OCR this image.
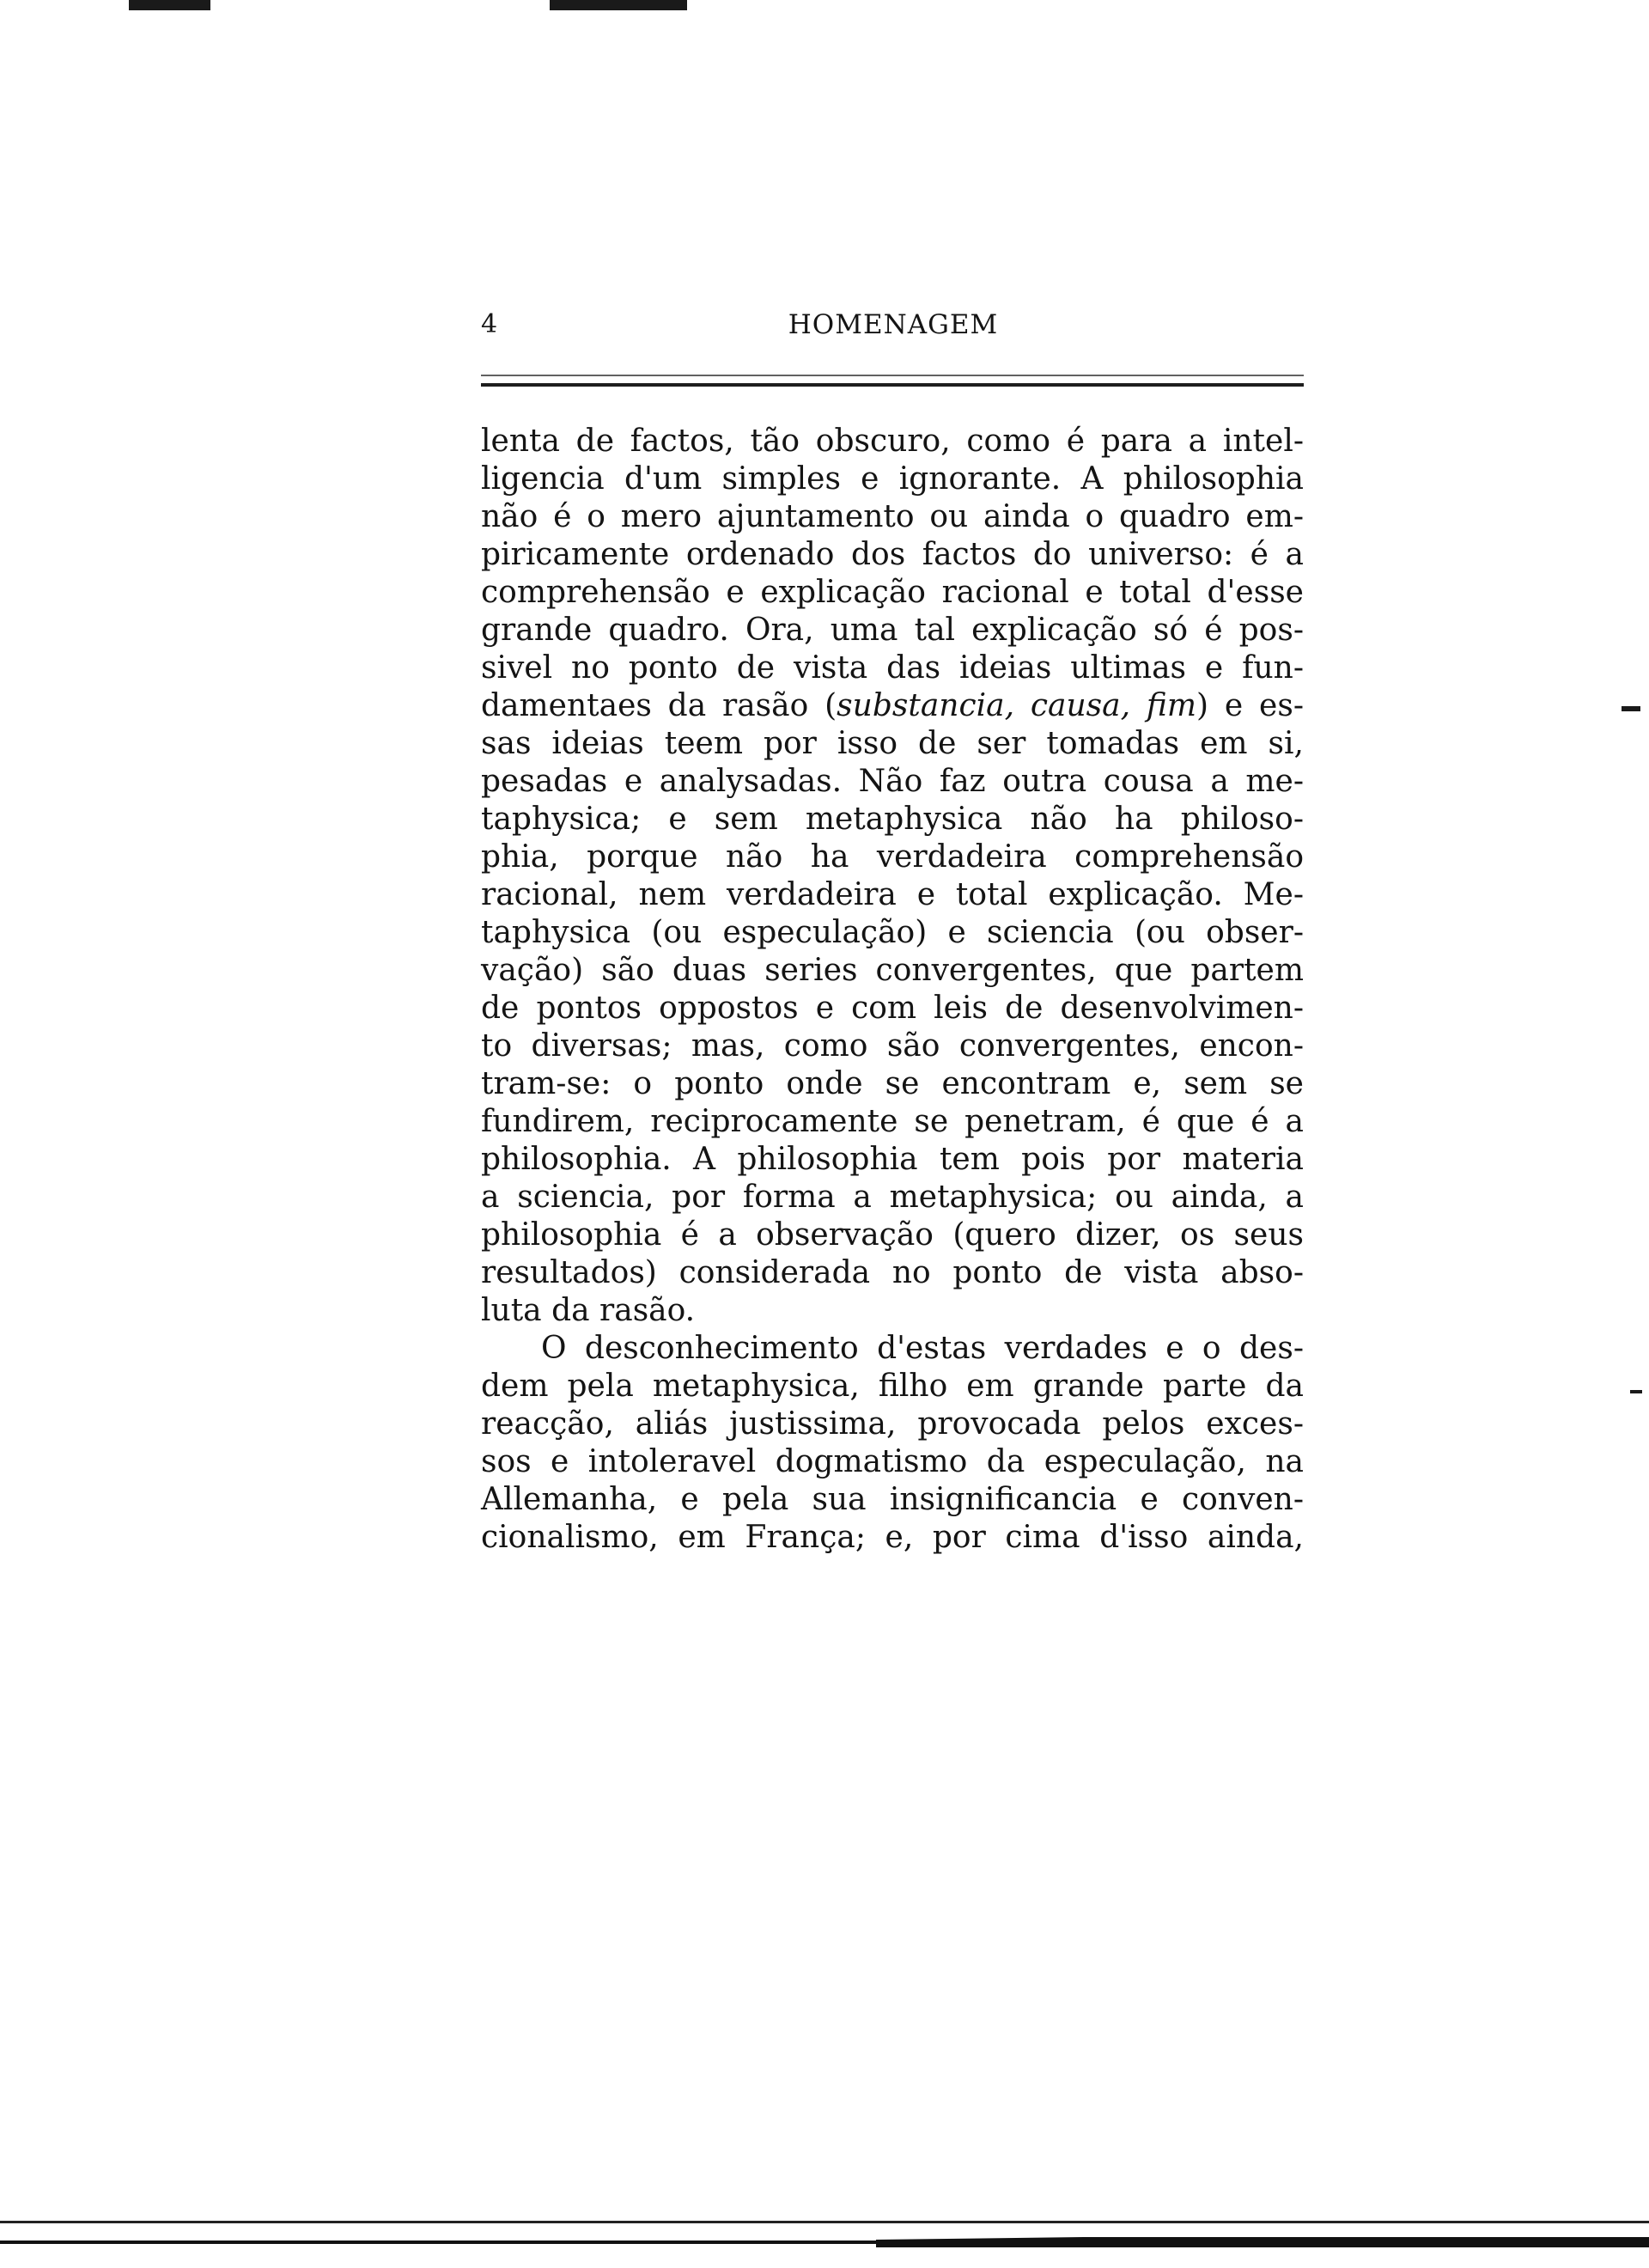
4	HOMENAGEM
lenta de factos, tão obscuro, como é para a intel-
ligencia d'um simples e ignorante. A philosophia
não é o mero ajuntamento ou ainda o quadro em-
piricamente ordenado dos factos do universo: é a
comprehensão e explicação racional e total d'esse
grande quadro. Ora, uma tal explicação só é pos-
sivel no ponto de vista das ideias ultimas e fun-
damentaes da rasão (substancia, causa, fim) e es-
sas ideias teem por isso de ser tomadas em si,
pesadas e analysadas. Não faz outra cousa a me-
taphysica; e sem metaphysica não ha philoso-
phia, porque não ha verdadeira comprehensão
racional, nem verdadeira e total explicação. Me-
taphysica (ou especulação) e sciencia (ou obser-
vação) são duas series convergentes, que partem
de pontos oppostos e com leis de desenvolvimen-
to diversas; mas, como são convergentes, encon-
tram-se: o ponto onde se encontram e, sem se
fundirem, reciprocamente se penetram, é que é a
philosophia. A philosophia tem pois por materia
a sciencia, por forma a metaphysica; ou ainda, a
philosophia é a observação (quero dizer, os seus
resultados) considerada no ponto de vista abso-
luta da rasão.
O desconhecimento d'estas verdades e o des-
dem pela metaphysica, filho em grande parte da
reacção, aliás justissima, provocada pelos exces-
sos e intoleravel dogmatismo da especulação, na
Allemanha, e pela sua insignificancia e conven-
cionalismo, em França; e, por cima d'isso ainda,
